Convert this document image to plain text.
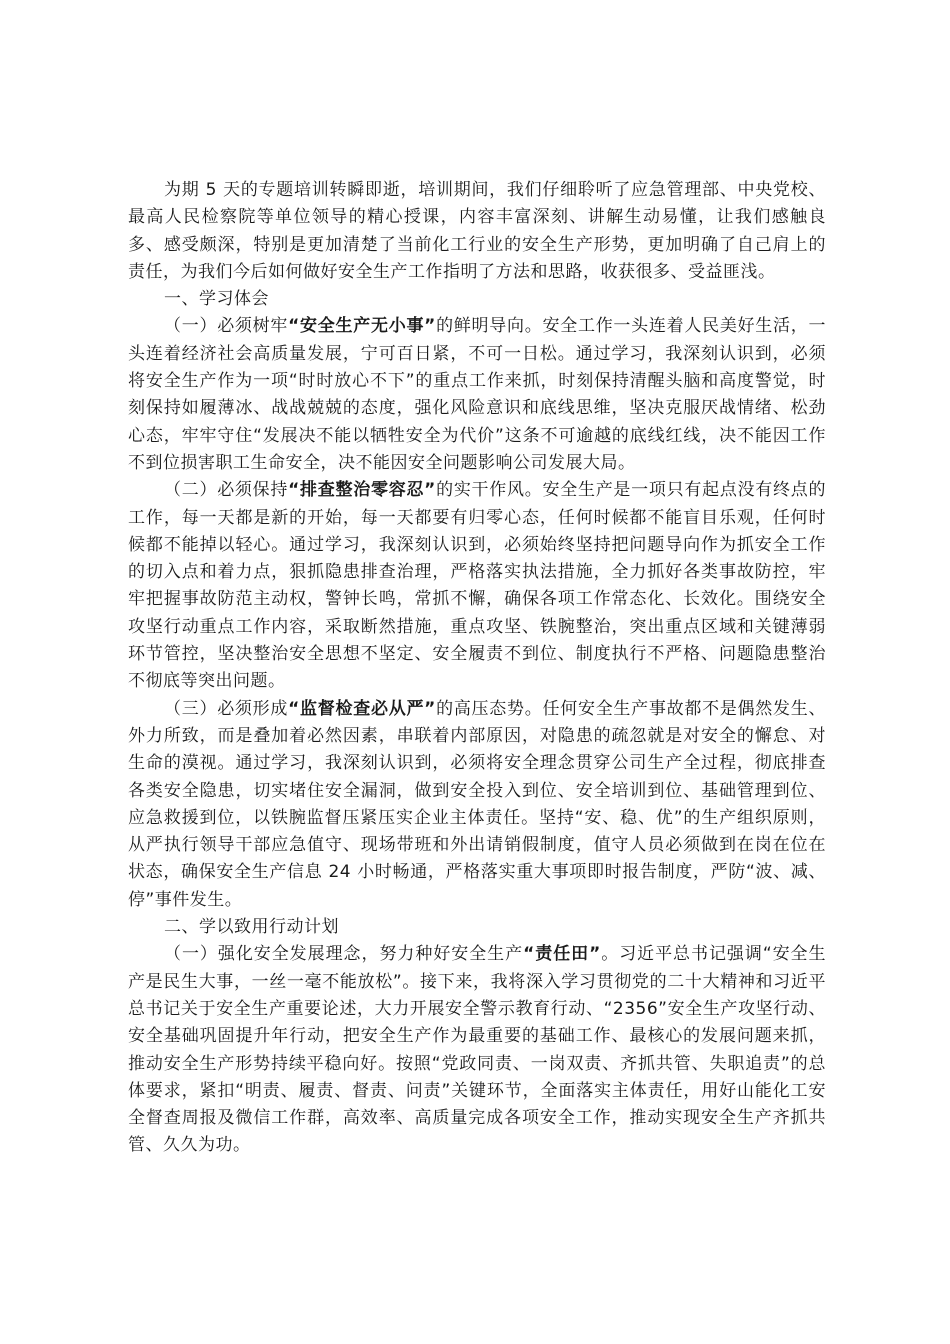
为期 5 天的专题培训转瞬即逝，培训期间，我们仔细聆听了应急管理部、中央党校、最高人民检察院等单位领导的精心授课，内容丰富深刻、讲解生动易懂，让我们感触良多、感受颇深，特别是更加清楚了当前化工行业的安全生产形势，更加明确了自己肩上的责任，为我们今后如何做好安全生产工作指明了方法和思路，收获很多、受益匪浅。

一、学习体会

（一）必须树牢“安全生产无小事”的鲜明导向。安全工作一头连着人民美好生活，一头连着经济社会高质量发展，宁可百日紧，不可一日松。通过学习，我深刻认识到，必须将安全生产作为一项“时时放心不下”的重点工作来抓，时刻保持清醒头脑和高度警觉，时刻保持如履薄冰、战战兢兢的态度，强化风险意识和底线思维，坚决克服厌战情绪、松劲心态，牢牢守住“发展决不能以牺牲安全为代价”这条不可逾越的底线红线，决不能因工作不到位损害职工生命安全，决不能因安全问题影响公司发展大局。

（二）必须保持“排查整治零容忍”的实干作风。安全生产是一项只有起点没有终点的工作，每一天都是新的开始，每一天都要有归零心态，任何时候都不能盲目乐观，任何时候都不能掉以轻心。通过学习，我深刻认识到，必须始终坚持把问题导向作为抓安全工作的切入点和着力点，狠抓隐患排查治理，严格落实执法措施，全力抓好各类事故防控，牢牢把握事故防范主动权，警钟长鸣，常抓不懈，确保各项工作常态化、长效化。围绕安全攻坚行动重点工作内容，采取断然措施，重点攻坚、铁腕整治，突出重点区域和关键薄弱环节管控，坚决整治安全思想不坚定、安全履责不到位、制度执行不严格、问题隐患整治不彻底等突出问题。

（三）必须形成“监督检查必从严”的高压态势。任何安全生产事故都不是偶然发生、外力所致，而是叠加着必然因素，串联着内部原因，对隐患的疏忽就是对安全的懈怠、对生命的漠视。通过学习，我深刻认识到，必须将安全理念贯穿公司生产全过程，彻底排查各类安全隐患，切实堵住安全漏洞，做到安全投入到位、安全培训到位、基础管理到位、应急救援到位，以铁腕监督压紧压实企业主体责任。坚持“安、稳、优”的生产组织原则，从严执行领导干部应急值守、现场带班和外出请销假制度，值守人员必须做到在岗在位在状态，确保安全生产信息 24 小时畅通，严格落实重大事项即时报告制度，严防“波、减、停”事件发生。

二、学以致用行动计划

（一）强化安全发展理念，努力种好安全生产“责任田”。习近平总书记强调“安全生产是民生大事，一丝一毫不能放松”。接下来，我将深入学习贯彻党的二十大精神和习近平总书记关于安全生产重要论述，大力开展安全警示教育行动、“2356”安全生产攻坚行动、安全基础巩固提升年行动，把安全生产作为最重要的基础工作、最核心的发展问题来抓，推动安全生产形势持续平稳向好。按照“党政同责、一岗双责、齐抓共管、失职追责”的总体要求，紧扣“明责、履责、督责、问责”关键环节，全面落实主体责任，用好山能化工安全督查周报及微信工作群，高效率、高质量完成各项安全工作，推动实现安全生产齐抓共管、久久为功。
